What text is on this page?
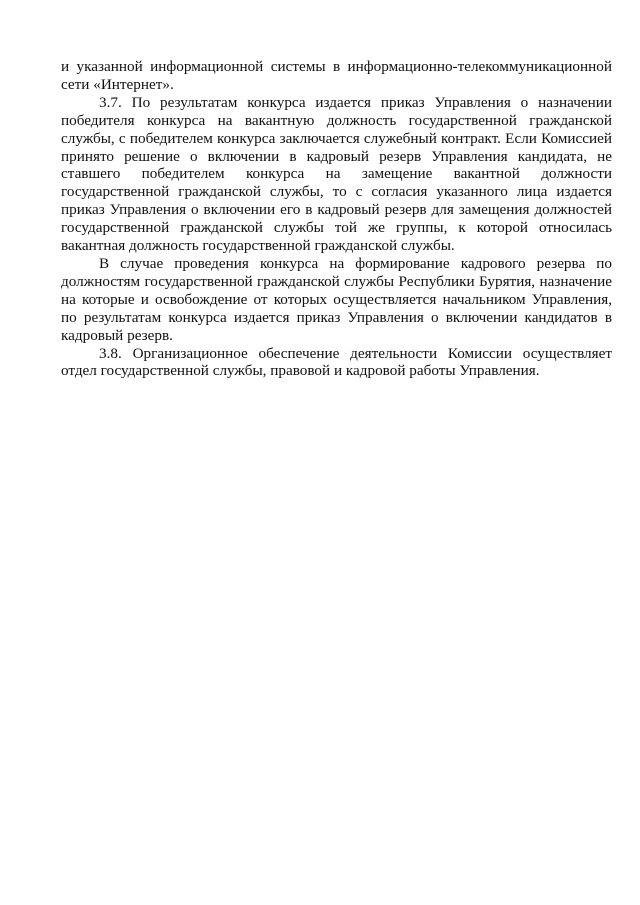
и указанной информационной системы в информационно-телекоммуникационной сети «Интернет».

3.7. По результатам конкурса издается приказ Управления о назначении победителя конкурса на вакантную должность государственной гражданской службы, с победителем конкурса заключается служебный контракт. Если Комиссией принято решение о включении в кадровый резерв Управления кандидата, не ставшего победителем конкурса на замещение вакантной должности государственной гражданской службы, то с согласия указанного лица издается приказ Управления о включении его в кадровый резерв для замещения должностей государственной гражданской службы той же группы, к которой относилась вакантная должность государственной гражданской службы.

В случае проведения конкурса на формирование кадрового резерва по должностям государственной гражданской службы Республики Бурятия, назначение на которые и освобождение от которых осуществляется начальником Управления, по результатам конкурса издается приказ Управления о включении кандидатов в кадровый резерв.

3.8. Организационное обеспечение деятельности Комиссии осуществляет отдел государственной службы, правовой и кадровой работы Управления.
